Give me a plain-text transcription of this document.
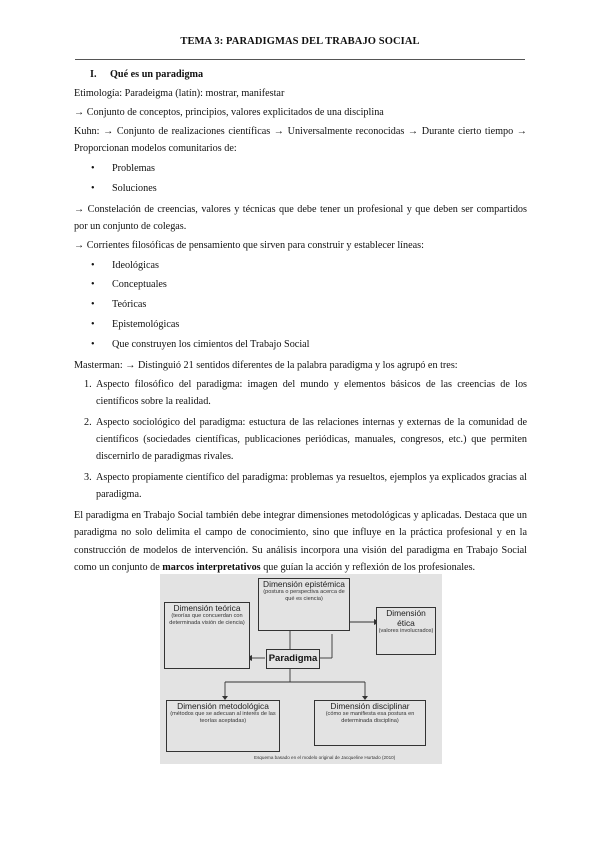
TEMA 3: PARADIGMAS DEL TRABAJO SOCIAL
I. Qué es un paradigma

Etimología: Paradeigma (latín): mostrar, manifestar

→ Conjunto de conceptos, principios, valores explicitados de una disciplina

Kuhn: → Conjunto de realizaciones científicas → Universalmente reconocidas → Durante cierto tiempo → Proporcionan modelos comunitarios de:

• Problemas
• Soluciones

→ Constelación de creencias, valores y técnicas que debe tener un profesional y que deben ser compartidos por un conjunto de colegas.

→ Corrientes filosóficas de pensamiento que sirven para construir y establecer líneas:

• Ideológicas
• Conceptuales
• Teóricas
• Epistemológicas
• Que construyen los cimientos del Trabajo Social

Masterman: → Distinguió 21 sentidos diferentes de la palabra paradigma y los agrupó en tres:

1. Aspecto filosófico del paradigma: imagen del mundo y elementos básicos de las creencias de los científicos sobre la realidad.
2. Aspecto sociológico del paradigma: estuctura de las relaciones internas y externas de la comunidad de científicos (sociedades científicas, publicaciones periódicas, manuales, congresos, etc.) que permiten discernirlo de paradigmas rivales.
3. Aspecto propiamente científico del paradigma: problemas ya resueltos, ejemplos ya explicados gracias al paradigma.

El paradigma en Trabajo Social también debe integrar dimensiones metodológicas y aplicadas. Destaca que un paradigma no solo delimita el campo de conocimiento, sino que influye en la práctica profesional y en la construcción de modelos de intervención. Su análisis incorpora una visión del paradigma en Trabajo Social como un conjunto de marcos interpretativos que guían la acción y reflexión de los profesionales.

Dimensión epistémica
(postura o perspectiva acerca de qué es ciencia)
Dimensión teórica
(teorías que concuerdan con determinada visión de ciencia)
Dimensión ética
(valores involucrados)
Paradigma
Dimensión metodológica
(métodos que se adecuan al interés de las teorías aceptadas)
Dimensión disciplinar
(cómo se manifiesta esa postura en determinada disciplina)
Esquema basado en el modelo original de Jacqueline Hurtado (2010)
